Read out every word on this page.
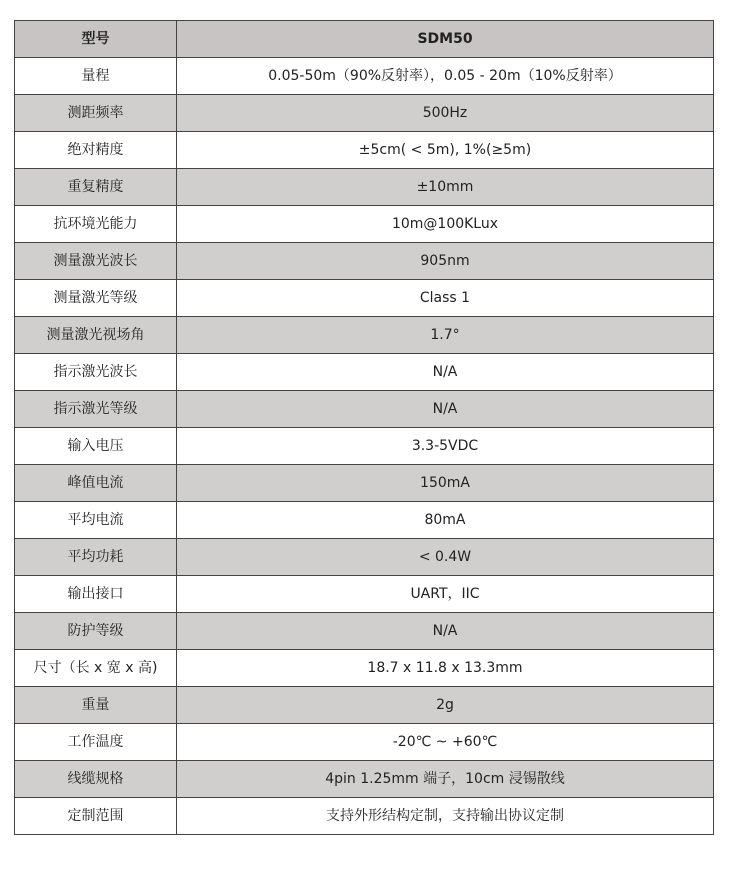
型号	SDM50
量程	0.05-50m（90%反射率），0.05 - 20m（10%反射率）
测距频率	500Hz
绝对精度	±5cm( < 5m), 1%(≥5m)
重复精度	±10mm
抗环境光能力	10m@100KLux
测量激光波长	905nm
测量激光等级	Class 1
测量激光视场角	1.7°
指示激光波长	N/A
指示激光等级	N/A
输入电压	3.3-5VDC
峰值电流	150mA
平均电流	80mA
平均功耗	< 0.4W
输出接口	UART，IIC
防护等级	N/A
尺寸（长 x 宽 x 高)	18.7 x 11.8 x 13.3mm
重量	2g
工作温度	-20℃ ~ +60℃
线缆规格	4pin 1.25mm 端子，10cm 浸锡散线
定制范围	支持外形结构定制，支持输出协议定制
